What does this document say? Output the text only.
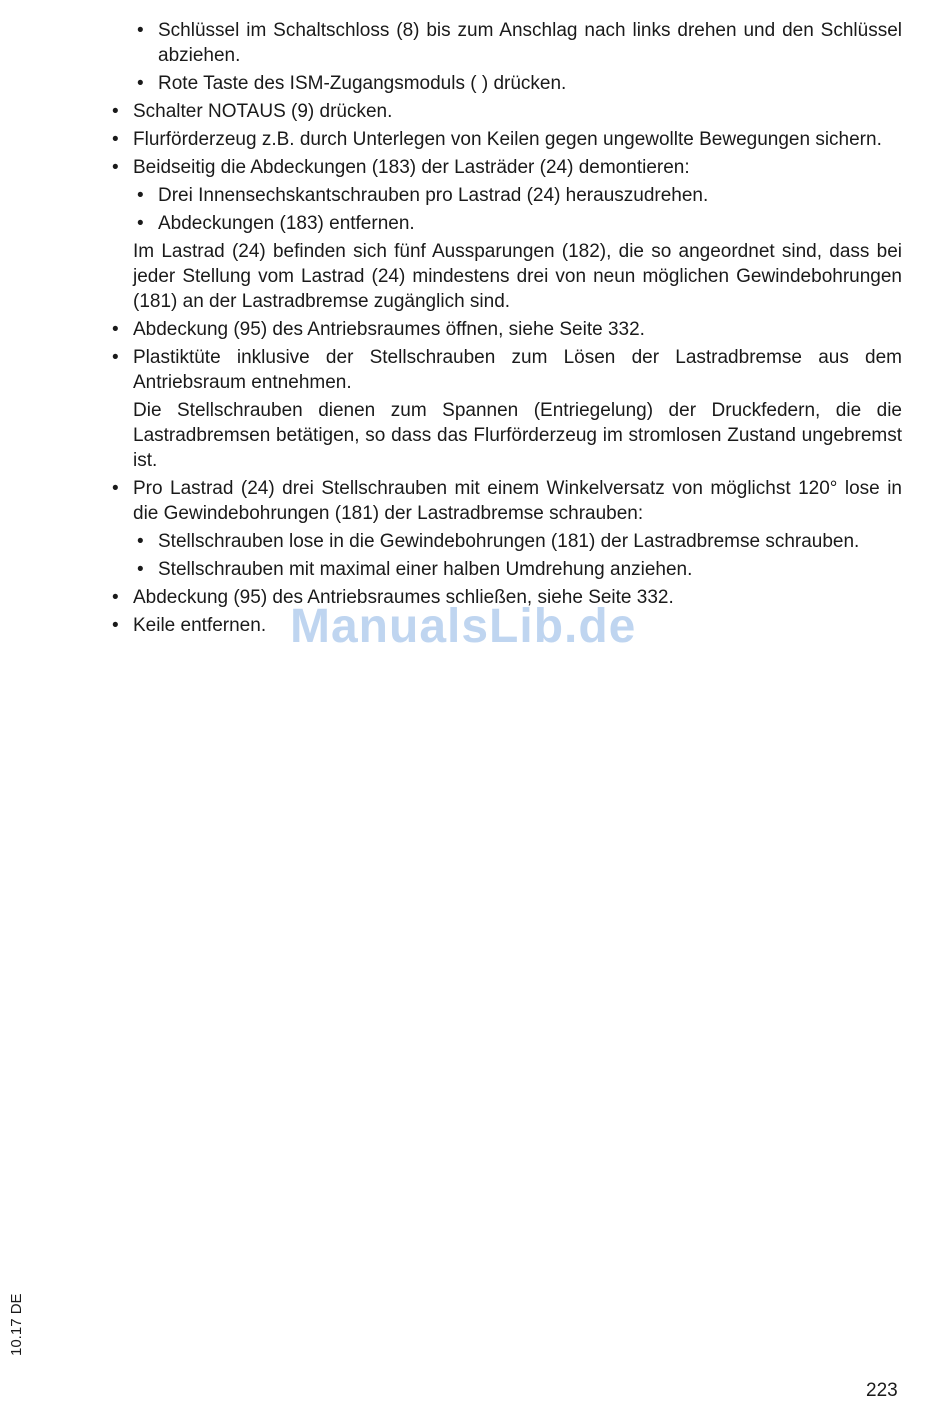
• Schlüssel im Schaltschloss (8) bis zum Anschlag nach links drehen und den Schlüssel abziehen.
• Rote Taste des ISM-Zugangsmoduls ( ) drücken.
• Schalter NOTAUS (9) drücken.
• Flurförderzeug z.B. durch Unterlegen von Keilen gegen ungewollte Bewegungen sichern.
• Beidseitig die Abdeckungen (183) der Lasträder (24) demontieren:
• Drei Innensechskantschrauben pro Lastrad (24) herauszudrehen.
• Abdeckungen (183) entfernen.
Im Lastrad (24) befinden sich fünf Aussparungen (182), die so angeordnet sind, dass bei jeder Stellung vom Lastrad (24) mindestens drei von neun möglichen Gewindebohrungen (181) an der Lastradbremse zugänglich sind.
• Abdeckung (95) des Antriebsraumes öffnen, siehe Seite 332.
• Plastiktüte inklusive der Stellschrauben zum Lösen der Lastradbremse aus dem Antriebsraum entnehmen.
Die Stellschrauben dienen zum Spannen (Entriegelung) der Druckfedern, die die Lastradbremsen betätigen, so dass das Flurförderzeug im stromlosen Zustand ungebremst ist.
• Pro Lastrad (24) drei Stellschrauben mit einem Winkelversatz von möglichst 120° lose in die Gewindebohrungen (181) der Lastradbremse schrauben:
• Stellschrauben lose in die Gewindebohrungen (181) der Lastradbremse schrauben.
• Stellschrauben mit maximal einer halben Umdrehung anziehen.
• Abdeckung (95) des Antriebsraumes schließen, siehe Seite 332.
• Keile entfernen. ManualsLib.de
10.17 DE
223
